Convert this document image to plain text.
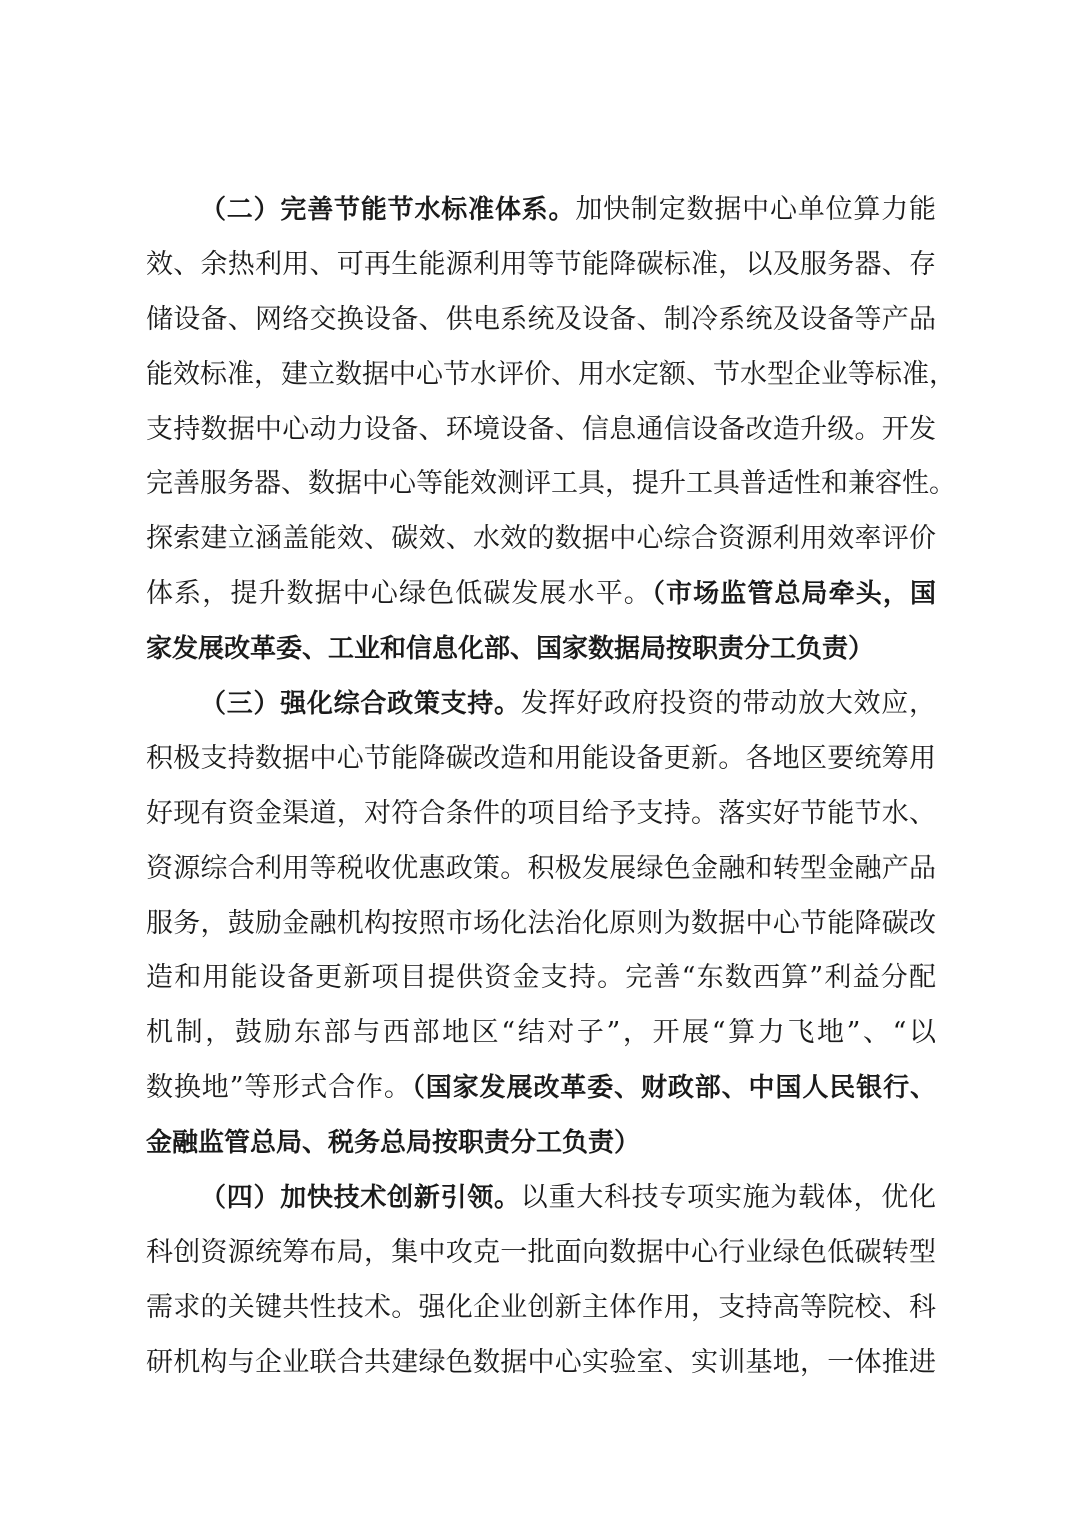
（二）完善节能节水标准体系。加快制定数据中心单位算力能
效、余热利用、可再生能源利用等节能降碳标准，以及服务器、存
储设备、网络交换设备、供电系统及设备、制冷系统及设备等产品
能效标准，建立数据中心节水评价、用水定额、节水型企业等标准，
支持数据中心动力设备、环境设备、信息通信设备改造升级。开发
完善服务器、数据中心等能效测评工具，提升工具普适性和兼容性。
探索建立涵盖能效、碳效、水效的数据中心综合资源利用效率评价
体系，提升数据中心绿色低碳发展水平。（市场监管总局牵头，国
家发展改革委、工业和信息化部、国家数据局按职责分工负责）
（三）强化综合政策支持。发挥好政府投资的带动放大效应，
积极支持数据中心节能降碳改造和用能设备更新。各地区要统筹用
好现有资金渠道，对符合条件的项目给予支持。落实好节能节水、
资源综合利用等税收优惠政策。积极发展绿色金融和转型金融产品
服务，鼓励金融机构按照市场化法治化原则为数据中心节能降碳改
造和用能设备更新项目提供资金支持。完善“东数西算”利益分配
机制，鼓励东部与西部地区“结对子”，开展“算力飞地”、“以
数换地”等形式合作。（国家发展改革委、财政部、中国人民银行、
金融监管总局、税务总局按职责分工负责）
（四）加快技术创新引领。以重大科技专项实施为载体，优化
科创资源统筹布局，集中攻克一批面向数据中心行业绿色低碳转型
需求的关键共性技术。强化企业创新主体作用，支持高等院校、科
研机构与企业联合共建绿色数据中心实验室、实训基地，一体推进
